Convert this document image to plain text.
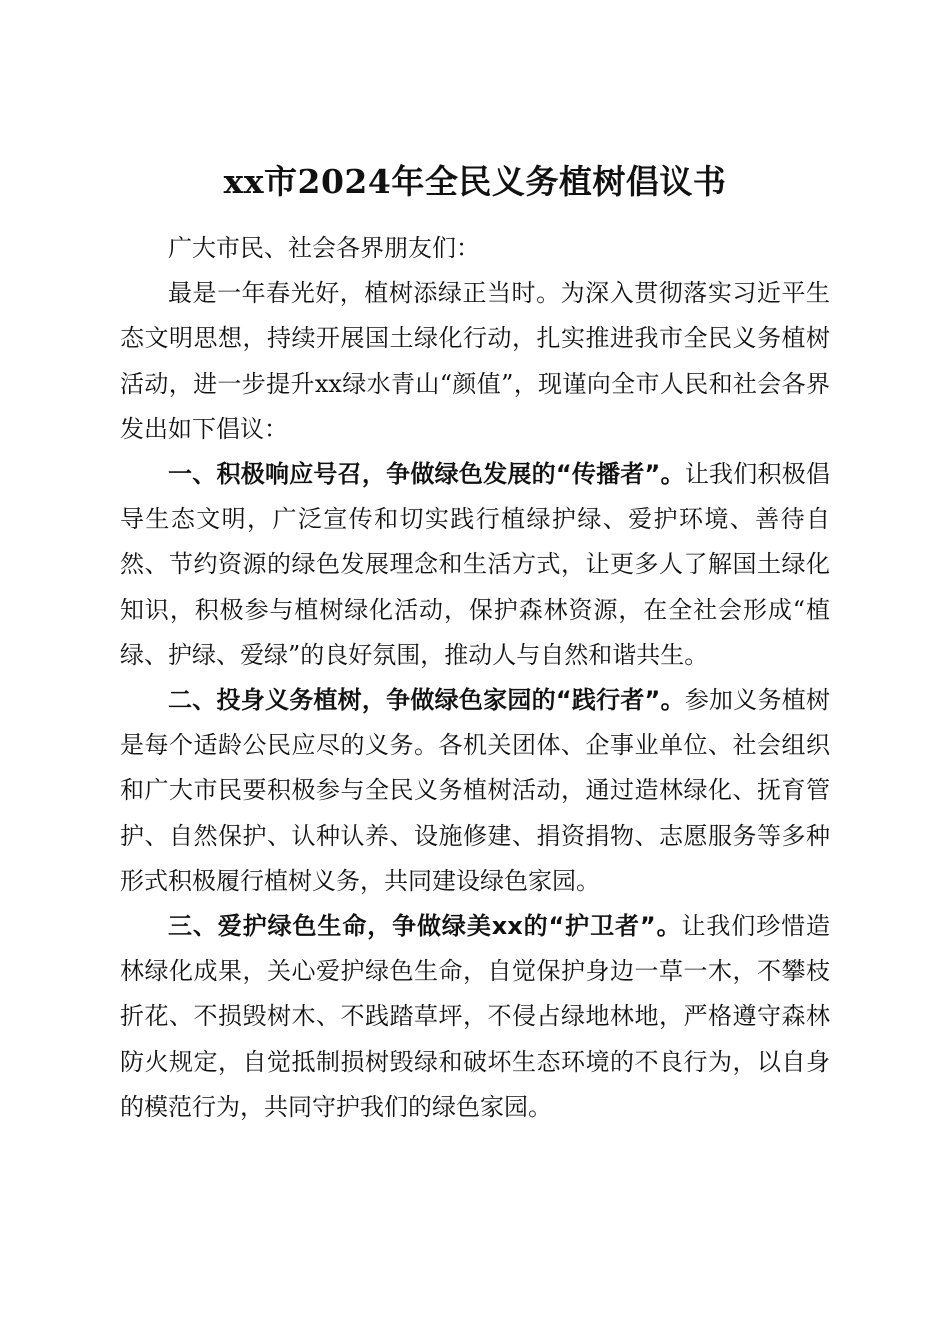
xx市2024年全民义务植树倡议书

广大市民、社会各界朋友们：

最是一年春光好，植树添绿正当时。为深入贯彻落实习近平生态文明思想，持续开展国土绿化行动，扎实推进我市全民义务植树活动，进一步提升xx绿水青山“颜值”，现谨向全市人民和社会各界发出如下倡议：

一、积极响应号召，争做绿色发展的“传播者”。让我们积极倡导生态文明，广泛宣传和切实践行植绿护绿、爱护环境、善待自然、节约资源的绿色发展理念和生活方式，让更多人了解国土绿化知识，积极参与植树绿化活动，保护森林资源，在全社会形成“植绿、护绿、爱绿”的良好氛围，推动人与自然和谐共生。

二、投身义务植树，争做绿色家园的“践行者”。参加义务植树是每个适龄公民应尽的义务。各机关团体、企事业单位、社会组织和广大市民要积极参与全民义务植树活动，通过造林绿化、抚育管护、自然保护、认种认养、设施修建、捐资捐物、志愿服务等多种形式积极履行植树义务，共同建设绿色家园。

三、爱护绿色生命，争做绿美xx的“护卫者”。让我们珍惜造林绿化成果，关心爱护绿色生命，自觉保护身边一草一木，不攀枝折花、不损毁树木、不践踏草坪，不侵占绿地林地，严格遵守森林防火规定，自觉抵制损树毁绿和破坏生态环境的不良行为，以自身的模范行为，共同守护我们的绿色家园。
